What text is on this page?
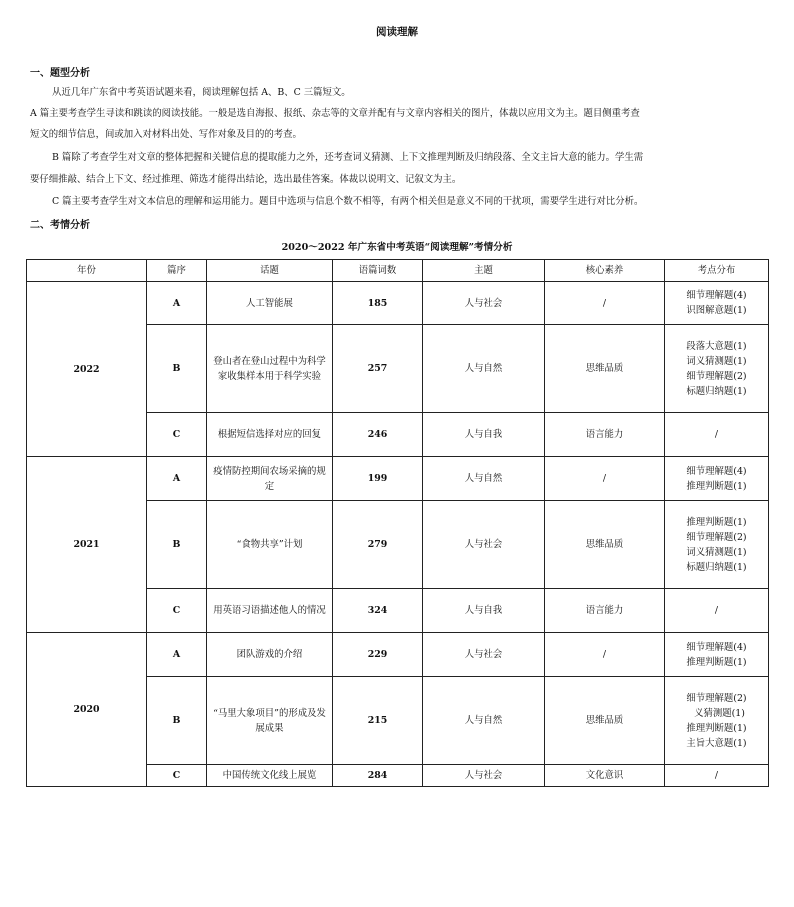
阅读理解
一、题型分析
从近几年广东省中考英语试题来看，阅读理解包括 A、B、C 三篇短文。
A 篇主要考查学生寻读和跳读的阅读技能。一般是选自海报、报纸、杂志等的文章并配有与文章内容相关的图片，体裁以应用文为主。题目侧重考查
短文的细节信息，间或加入对材料出处、写作对象及目的的考查。
B 篇除了考查学生对文章的整体把握和关键信息的提取能力之外，还考查词义猜测、上下文推理判断及归纳段落、全文主旨大意的能力。学生需
要仔细推敲、结合上下文、经过推理、筛选才能得出结论，选出最佳答案。体裁以说明文、记叙文为主。
C 篇主要考查学生对文本信息的理解和运用能力。题目中选项与信息个数不相等，有两个相关但是意义不同的干扰项，需要学生进行对比分析。
二、考情分析
2020～2022 年广东省中考英语“阅读理解”考情分析
年份	篇序	话题	语篇词数	主题	核心素养	考点分布
2022	A	人工智能展	185	人与社会	/	细节理解题(4)
识图解意题(1)

	B	登山者在登山过程中为科学家收集样本用于科学实验	257	人与自然	思维品质	段落大意题(1)
词义猜测题(1)
细节理解题(2)
标题归纳题(1)

	C	根据短信选择对应的回复	246	人与自我	语言能力	/

2021	A	疫情防控期间农场采摘的规定	199	人与自然	/	细节理解题(4)
推理判断题(1)

	B	“食物共享”计划	279	人与社会	思维品质	推理判断题(1)
细节理解题(2)
词义猜测题(1)
标题归纳题(1)

	C	用英语习语描述他人的情况	324	人与自我	语言能力	/

2020	A	团队游戏的介绍	229	人与社会	/	细节理解题(4)
推理判断题(1)

	B	“马里大象项目”的形成及发展成果	215	人与自然	思维品质	细节理解题(2)
义猜测题(1)
推理判断题(1)
主旨大意题(1)

	C	中国传统文化线上展览	284	人与社会	文化意识	/
